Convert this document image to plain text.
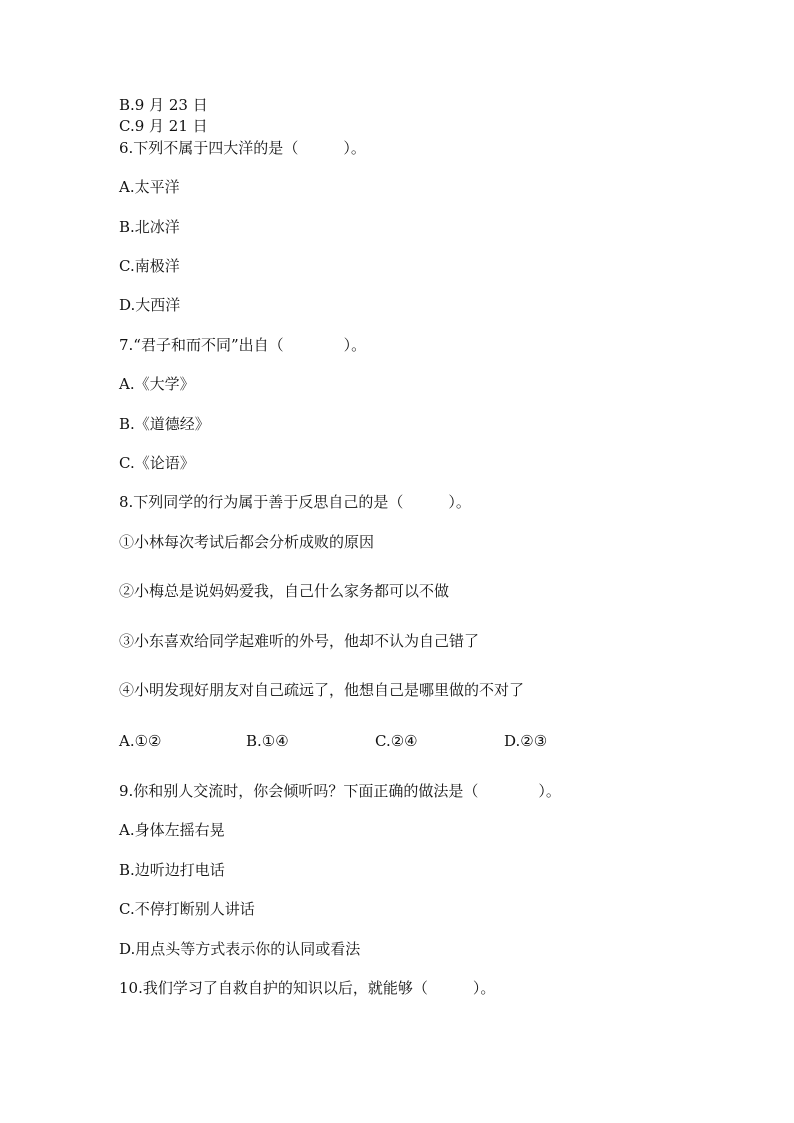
B.9 月 23 日
C.9 月 21 日
6.下列不属于四大洋的是（　　　）。
A.太平洋
B.北冰洋
C.南极洋
D.大西洋
7.“君子和而不同”出自（　　　　）。
A.《大学》
B.《道德经》
C.《论语》
8.下列同学的行为属于善于反思自己的是（　　　）。
①小林每次考试后都会分析成败的原因
②小梅总是说妈妈爱我，自己什么家务都可以不做
③小东喜欢给同学起难听的外号，他却不认为自己错了
④小明发现好朋友对自己疏远了，他想自己是哪里做的不对了
A.①②	B.①④	C.②④	D.②③
9.你和别人交流时，你会倾听吗？下面正确的做法是（　　　　）。
A.身体左摇右晃
B.边听边打电话
C.不停打断别人讲话
D.用点头等方式表示你的认同或看法
10.我们学习了自救自护的知识以后，就能够（　　　）。
